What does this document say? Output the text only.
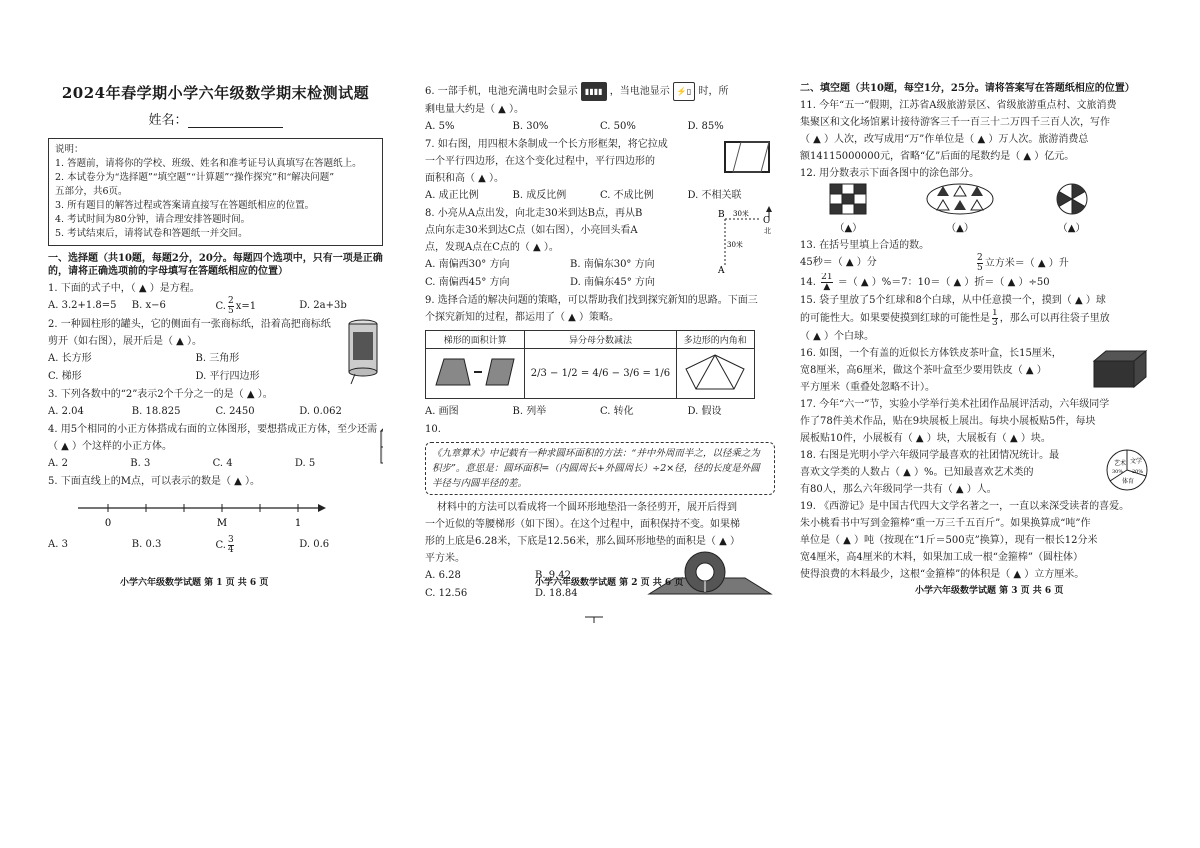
2024年春学期小学六年级数学期末检测试题
姓名：
说明：
1. 答题前，请将你的学校、班级、姓名和准考证号认真填写在答题纸上。
2. 本试卷分为“选择题”“填空题”“计算题”“操作探究”和“解决问题”
五部分，共6页。
3. 所有题目的解答过程或答案请直接写在答题纸相应的位置。
4. 考试时间为80分钟，请合理安排答题时间。
5. 考试结束后，请将试卷和答题纸一并交回。
一、选择题（共10题，每题2分，20分。每题四个选项中，只有一项是正确的，请将正确选项前的字母填写在答题纸相应的位置）
1. 下面的式子中，（ ▲ ）是方程。
A. 3.2+1.8=5	B. x−6	C. $\frac{2}{5} x=1$	D. 2a+3b
2. 一种圆柱形的罐头，它的侧面有一张商标纸，沿着高把商标纸
剪开（如右图），展开后是（ ▲ ）。
A. 长方形	B. 三角形
C. 梯形	D. 平行四边形
3. 下列各数中的“2”表示2个千分之一的是（ ▲ ）。
A. 2.04	B. 18.825	C. 2450	D. 0.062
4. 用5个相同的小正方体搭成右面的立体图形，要想搭成正方体，至少还需
（ ▲ ）个这样的小正方体。
A. 2	B. 3	C. 4	D. 5
5. 下面直线上的M点，可以表示的数是（ ▲ ）。
0	M	1
A. 3	B. 0.3	C. $\frac{3}{4}$	D. 0.6
小学六年级数学试题 第 1 页 共 6 页
6. 一部手机，电池充满电时会显示 ▮▮▮▮ ，当电池显示 ⚡▯ 时，所
剩电量大约是（ ▲ ）。
A. 5%	B. 30%	C. 50%	D. 85%
7. 如右图，用四根木条制成一个长方形框架，将它拉成
一个平行四边形，在这个变化过程中，平行四边形的
面积和高（ ▲ ）。
A. 成正比例	B. 成反比例	C. 不成比例	D. 不相关联
8. 小亮从A点出发，向北走30米到达B点，再从B
点向东走30米到达C点（如右图），小亮回头看A
点，发现A点在C点的（ ▲ ）。
A. 南偏西30° 方向	B. 南偏东30° 方向
C. 南偏西45° 方向	D. 南偏东45° 方向
B
C
A
30米
30米
北
9. 选择合适的解决问题的策略，可以帮助我们找到探究新知的思路。下面三
个探究新知的过程，都运用了（ ▲ ）策略。
梯形的面积计算	异分母分数减法	多边形的内角和
	2/3 − 1/2 = 4/6 − 3/6 = 1/6	
A. 画图	B. 列举	C. 转化	D. 假设
10.
《九章算术》中记载有一种求圆环面积的方法：“并中外周而半之，以径乘之为积步”。意思是：圆环面积=（内圆周长+外圆周长）÷2×径，径的长度是外圆半径与内圆半径的差。
材料中的方法可以看成将一个圆环形地垫沿一条径剪开，展开后得到
一个近似的等腰梯形（如下图）。在这个过程中，面积保持不变。如果梯
形的上底是6.28米，下底是12.56米，那么圆环形地垫的面积是（ ▲ ）
平方米。
A. 6.28	B. 9.42
C. 12.56	D. 18.84
小学六年级数学试题 第 2 页 共 6 页
二、填空题（共10题，每空1分，25分。请将答案写在答题纸相应的位置）
11. 今年“五一”假期，江苏省A级旅游景区、省级旅游重点村、文旅消费
集聚区和文化场馆累计接待游客三千一百三十二万四千三百人次，写作
（ ▲ ）人次，改写成用“万”作单位是（ ▲ ）万人次。旅游消费总
额14115000000元，省略“亿”后面的尾数约是（ ▲ ）亿元。
12. 用分数表示下面各图中的涂色部分。
（▲）	（▲）	（▲）
13. 在括号里填上合适的数。
45秒＝（ ▲ ）分	$\frac{2}{5}$ 立方米＝（ ▲ ）升
14. $\frac{21}{▲}$ ＝（ ▲ ）%＝7：10＝（ ▲ ）折＝（ ▲ ）÷50
15. 袋子里放了5个红球和8个白球，从中任意摸一个，摸到（ ▲ ）球
的可能性大。如果要使摸到红球的可能性是 $\frac{1}{3}$ ，那么可以再往袋子里放
（ ▲ ）个白球。
16. 如图，一个有盖的近似长方体铁皮茶叶盒，长15厘米，
宽8厘米，高6厘米，做这个茶叶盒至少要用铁皮（ ▲ ）
平方厘米（重叠处忽略不计）。
17. 今年“六一”节，实验小学举行美术社团作品展评活动，六年级同学
作了78件美术作品，贴在9块展板上展出。每块小展板贴5件，每块
展板贴10件，小展板有（ ▲ ）块，大展板有（ ▲ ）块。
18. 右图是光明小学六年级同学最喜欢的社团情况统计。最
喜欢文学类的人数占（ ▲ ）%。已知最喜欢艺术类的
有80人，那么六年级同学一共有（ ▲ ）人。
文学
艺术
体育
30% 20%
19. 《西游记》是中国古代四大文学名著之一，一直以来深受读者的喜爱。
朱小桃看书中写到金箍棒“重一万三千五百斤”。如果换算成“吨”作
单位是（ ▲ ）吨（按现在“1斤＝500克”换算），现有一根长12分米
宽4厘米，高4厘米的木料，如果加工成一根“金箍棒”（圆柱体）
使得浪费的木料最少，这根“金箍棒”的体积是（ ▲ ）立方厘米。
小学六年级数学试题 第 3 页 共 6 页
